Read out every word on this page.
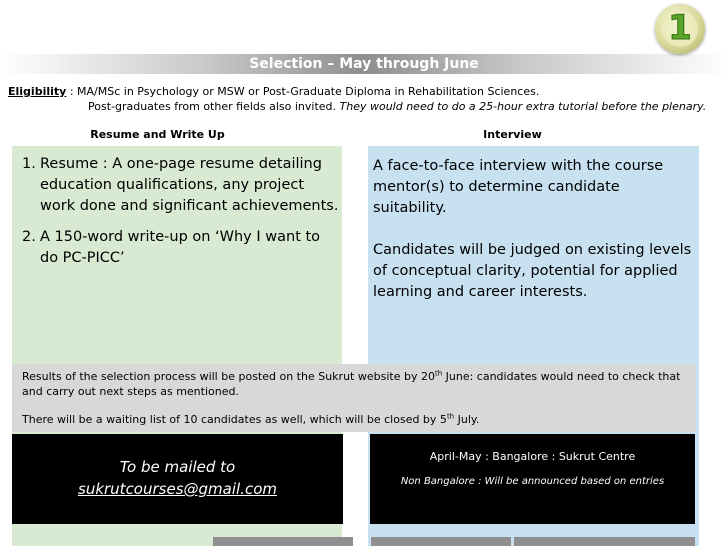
Selection – May through June
1
Eligibility : MA/MSc in Psychology or MSW or Post-Graduate Diploma in Rehabilitation Sciences.
Post-graduates from other fields also invited. They would need to do a 25-hour extra tutorial before the plenary.
Resume and Write Up	Interview
1. Resume : A one-page resume detailing education qualifications, any project work done and significant achievements.
2. A 150-word write-up on ‘Why I want to do PC-PICC’

A face-to-face interview with the course mentor(s) to determine candidate suitability.

Candidates will be judged on existing levels of conceptual clarity, potential for applied learning and career interests.

Results of the selection process will be posted on the Sukrut website by 20th June: candidates would need to check that and carry out next steps as mentioned.

There will be a waiting list of 10 candidates as well, which will be closed by 5th July.

To be mailed to
sukrutcourses@gmail.com
April-May : Bangalore : Sukrut Centre
Non Bangalore : Will be announced based on entries
